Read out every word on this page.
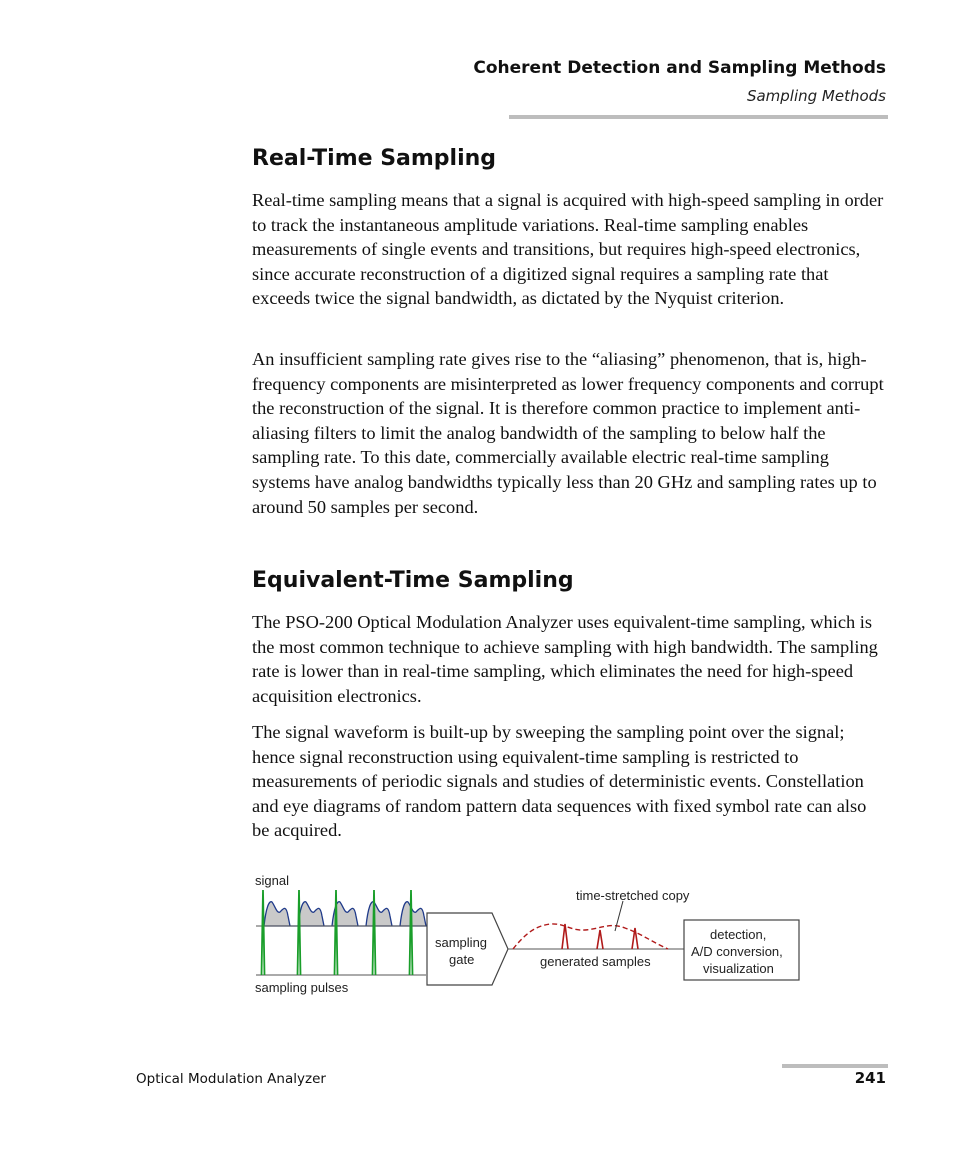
Coherent Detection and Sampling Methods
Sampling Methods
Real-Time Sampling

Real-time sampling means that a signal is acquired with high-speed sampling in order to track the instantaneous amplitude variations. Real-time sampling enables measurements of single events and transitions, but requires high-speed electronics, since accurate reconstruction of a digitized signal requires a sampling rate that exceeds twice the signal bandwidth, as dictated by the Nyquist criterion.

An insufficient sampling rate gives rise to the “aliasing” phenomenon, that is, high-frequency components are misinterpreted as lower frequency components and corrupt the reconstruction of the signal. It is therefore common practice to implement anti-aliasing filters to limit the analog bandwidth of the sampling to below half the sampling rate. To this date, commercially available electric real-time sampling systems have analog bandwidths typically less than 20 GHz and sampling rates up to around 50 samples per second.

Equivalent-Time Sampling

The PSO-200 Optical Modulation Analyzer uses equivalent-time sampling, which is the most common technique to achieve sampling with high bandwidth. The sampling rate is lower than in real-time sampling, which eliminates the need for high-speed acquisition electronics.

The signal waveform is built-up by sweeping the sampling point over the signal; hence signal reconstruction using equivalent-time sampling is restricted to measurements of periodic signals and studies of deterministic events. Constellation and eye diagrams of random pattern data sequences with fixed symbol rate can also be acquired.

signal
sampling pulses
sampling
gate
time-stretched copy
generated samples
detection,
A/D conversion,
visualization
Optical Modulation Analyzer	241
